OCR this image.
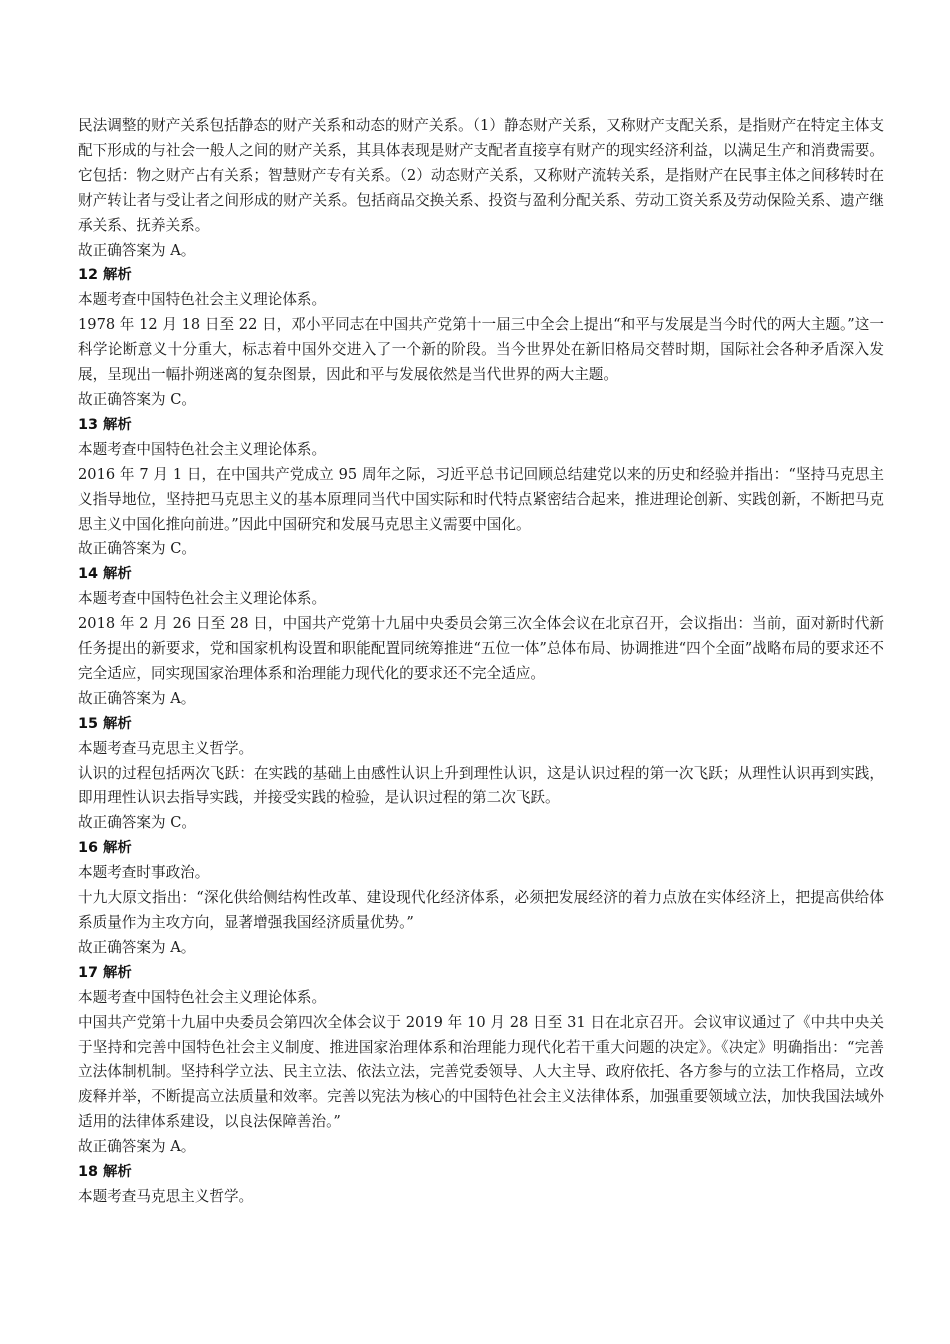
民法调整的财产关系包括静态的财产关系和动态的财产关系。（1）静态财产关系，又称财产支配关系，是指财产在特定主体支配下形成的与社会一般人之间的财产关系，其具体表现是财产支配者直接享有财产的现实经济利益，以满足生产和消费需要。它包括：物之财产占有关系；智慧财产专有关系。（2）动态财产关系，又称财产流转关系，是指财产在民事主体之间移转时在财产转让者与受让者之间形成的财产关系。包括商品交换关系、投资与盈利分配关系、劳动工资关系及劳动保险关系、遗产继承关系、抚养关系。

故正确答案为 A。

12 解析

本题考查中国特色社会主义理论体系。

1978 年 12 月 18 日至 22 日，邓小平同志在中国共产党第十一届三中全会上提出“和平与发展是当今时代的两大主题。”这一科学论断意义十分重大，标志着中国外交进入了一个新的阶段。当今世界处在新旧格局交替时期，国际社会各种矛盾深入发展，呈现出一幅扑朔迷离的复杂图景，因此和平与发展依然是当代世界的两大主题。

故正确答案为 C。

13 解析

本题考查中国特色社会主义理论体系。

2016 年 7 月 1 日，在中国共产党成立 95 周年之际，习近平总书记回顾总结建党以来的历史和经验并指出：“坚持马克思主义指导地位，坚持把马克思主义的基本原理同当代中国实际和时代特点紧密结合起来，推进理论创新、实践创新，不断把马克思主义中国化推向前进。”因此中国研究和发展马克思主义需要中国化。

故正确答案为 C。

14 解析

本题考查中国特色社会主义理论体系。

2018 年 2 月 26 日至 28 日，中国共产党第十九届中央委员会第三次全体会议在北京召开，会议指出：当前，面对新时代新任务提出的新要求，党和国家机构设置和职能配置同统筹推进“五位一体”总体布局、协调推进“四个全面”战略布局的要求还不完全适应，同实现国家治理体系和治理能力现代化的要求还不完全适应。

故正确答案为 A。

15 解析

本题考查马克思主义哲学。

认识的过程包括两次飞跃：在实践的基础上由感性认识上升到理性认识，这是认识过程的第一次飞跃；从理性认识再到实践，即用理性认识去指导实践，并接受实践的检验，是认识过程的第二次飞跃。

故正确答案为 C。

16 解析

本题考查时事政治。

十九大原文指出：“深化供给侧结构性改革、建设现代化经济体系，必须把发展经济的着力点放在实体经济上，把提高供给体系质量作为主攻方向，显著增强我国经济质量优势。”

故正确答案为 A。

17 解析

本题考查中国特色社会主义理论体系。

中国共产党第十九届中央委员会第四次全体会议于 2019 年 10 月 28 日至 31 日在北京召开。会议审议通过了《中共中央关于坚持和完善中国特色社会主义制度、推进国家治理体系和治理能力现代化若干重大问题的决定》。《决定》明确指出：“完善立法体制机制。坚持科学立法、民主立法、依法立法，完善党委领导、人大主导、政府依托、各方参与的立法工作格局，立改废释并举，不断提高立法质量和效率。完善以宪法为核心的中国特色社会主义法律体系，加强重要领域立法，加快我国法域外适用的法律体系建设，以良法保障善治。”

故正确答案为 A。

18 解析

本题考查马克思主义哲学。
